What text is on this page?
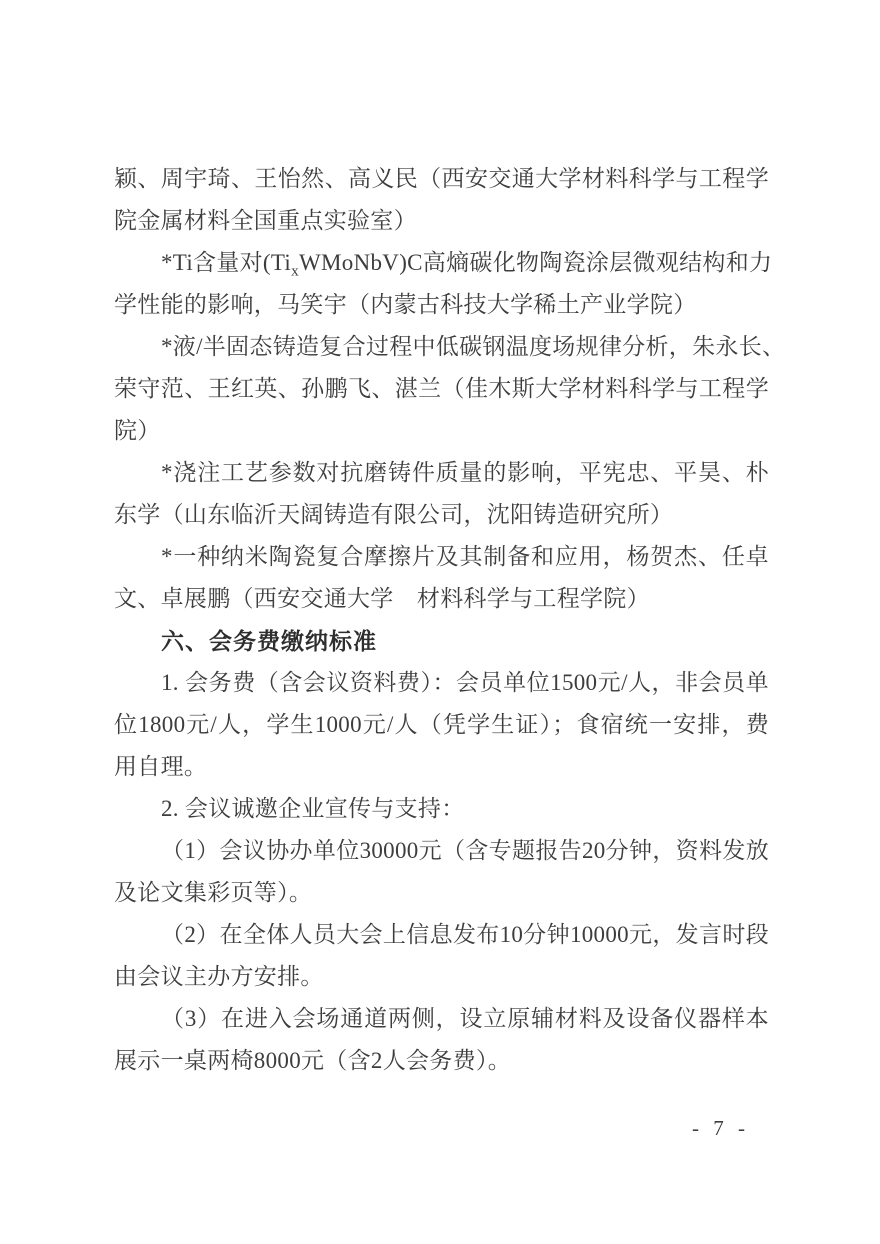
颖、周宇琦、王怡然、高义民（西安交通大学材料科学与工程学
院金属材料全国重点实验室）
*Ti含量对$(Ti_xWMoNbV)C$高熵碳化物陶瓷涂层微观结构和力
学性能的影响，马笑宇（内蒙古科技大学稀土产业学院）
*液/半固态铸造复合过程中低碳钢温度场规律分析，朱永长、
荣守范、王红英、孙鹏飞、湛兰（佳木斯大学材料科学与工程学
院）
*浇注工艺参数对抗磨铸件质量的影响，平宪忠、平昊、朴
东学（山东临沂天阔铸造有限公司，沈阳铸造研究所）
*一种纳米陶瓷复合摩擦片及其制备和应用，杨贺杰、任卓
文、卓展鹏（西安交通大学　材料科学与工程学院）
六、会务费缴纳标准
1. 会务费（含会议资料费）：会员单位1500元/人，非会员单
位1800元/人，学生1000元/人（凭学生证）；食宿统一安排，费
用自理。
2. 会议诚邀企业宣传与支持：
（1）会议协办单位30000元（含专题报告20分钟，资料发放
及论文集彩页等）。
（2）在全体人员大会上信息发布10分钟10000元，发言时段
由会议主办方安排。
（3）在进入会场通道两侧，设立原辅材料及设备仪器样本
展示一桌两椅8000元（含2人会务费）。
- 7 -
